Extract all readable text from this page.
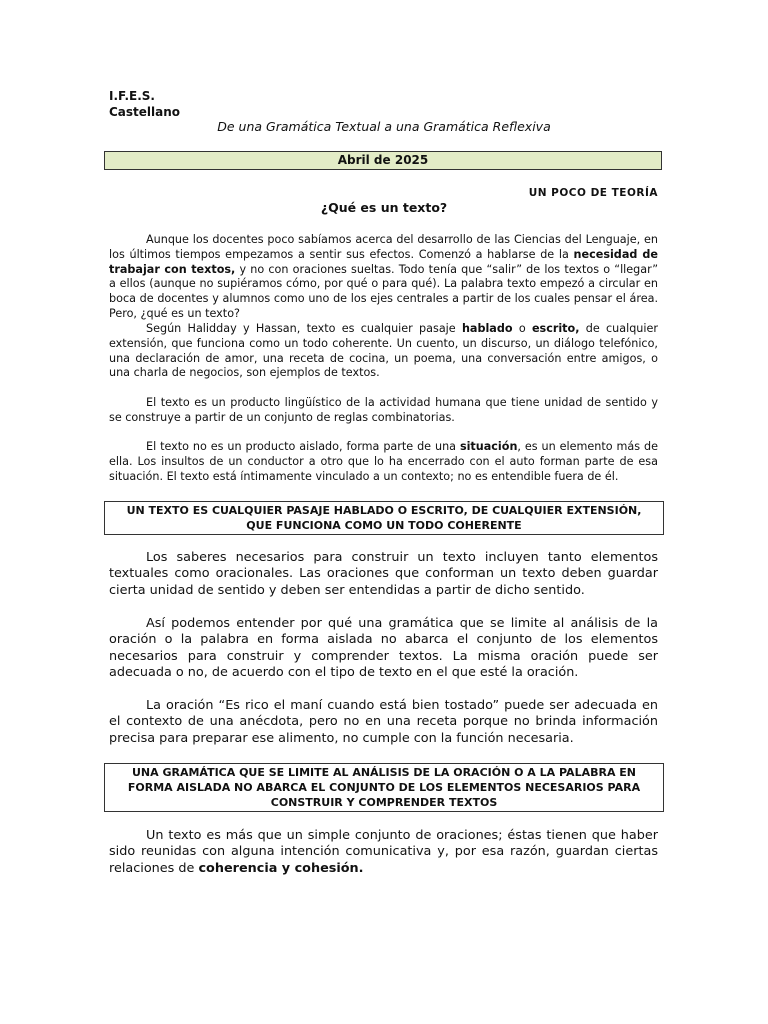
I.F.E.S.
Castellano
De una Gramática Textual a una Gramática Reflexiva
Abril de 2025
UN POCO DE TEORÍA
¿Qué es un texto?

Aunque los docentes poco sabíamos acerca del desarrollo de las Ciencias del Lenguaje, en los últimos tiempos empezamos a sentir sus efectos. Comenzó a hablarse de la necesidad de trabajar con textos, y no con oraciones sueltas. Todo tenía que “salir” de los textos o “llegar” a ellos (aunque no supiéramos cómo, por qué o para qué). La palabra texto empezó a circular en boca de docentes y alumnos como uno de los ejes centrales a partir de los cuales pensar el área. Pero, ¿qué es un texto?

Según Halidday y Hassan, texto es cualquier pasaje hablado o escrito, de cualquier extensión, que funciona como un todo coherente. Un cuento, un discurso, un diálogo telefónico, una declaración de amor, una receta de cocina, un poema, una conversación entre amigos, o una charla de negocios, son ejemplos de textos.

El texto es un producto lingüístico de la actividad humana que tiene unidad de sentido y se construye a partir de un conjunto de reglas combinatorias.

El texto no es un producto aislado, forma parte de una situación, es un elemento más de ella. Los insultos de un conductor a otro que lo ha encerrado con el auto forman parte de esa situación. El texto está íntimamente vinculado a un contexto; no es entendible fuera de él.

UN TEXTO ES CUALQUIER PASAJE HABLADO O ESCRITO, DE CUALQUIER EXTENSIÓN, QUE FUNCIONA COMO UN TODO COHERENTE

Los saberes necesarios para construir un texto incluyen tanto elementos textuales como oracionales. Las oraciones que conforman un texto deben guardar cierta unidad de sentido y deben ser entendidas a partir de dicho sentido.

Así podemos entender por qué una gramática que se limite al análisis de la oración o la palabra en forma aislada no abarca el conjunto de los elementos necesarios para construir y comprender textos. La misma oración puede ser adecuada o no, de acuerdo con el tipo de texto en el que esté la oración.

La oración “Es rico el maní cuando está bien tostado” puede ser adecuada en el contexto de una anécdota, pero no en una receta porque no brinda información precisa para preparar ese alimento, no cumple con la función necesaria.

UNA GRAMÁTICA QUE SE LIMITE AL ANÁLISIS DE LA ORACIÓN O A LA PALABRA EN FORMA AISLADA NO ABARCA EL CONJUNTO DE LOS ELEMENTOS NECESARIOS PARA CONSTRUIR Y COMPRENDER TEXTOS

Un texto es más que un simple conjunto de oraciones; éstas tienen que haber sido reunidas con alguna intención comunicativa y, por esa razón, guardan ciertas relaciones de coherencia y cohesión.
